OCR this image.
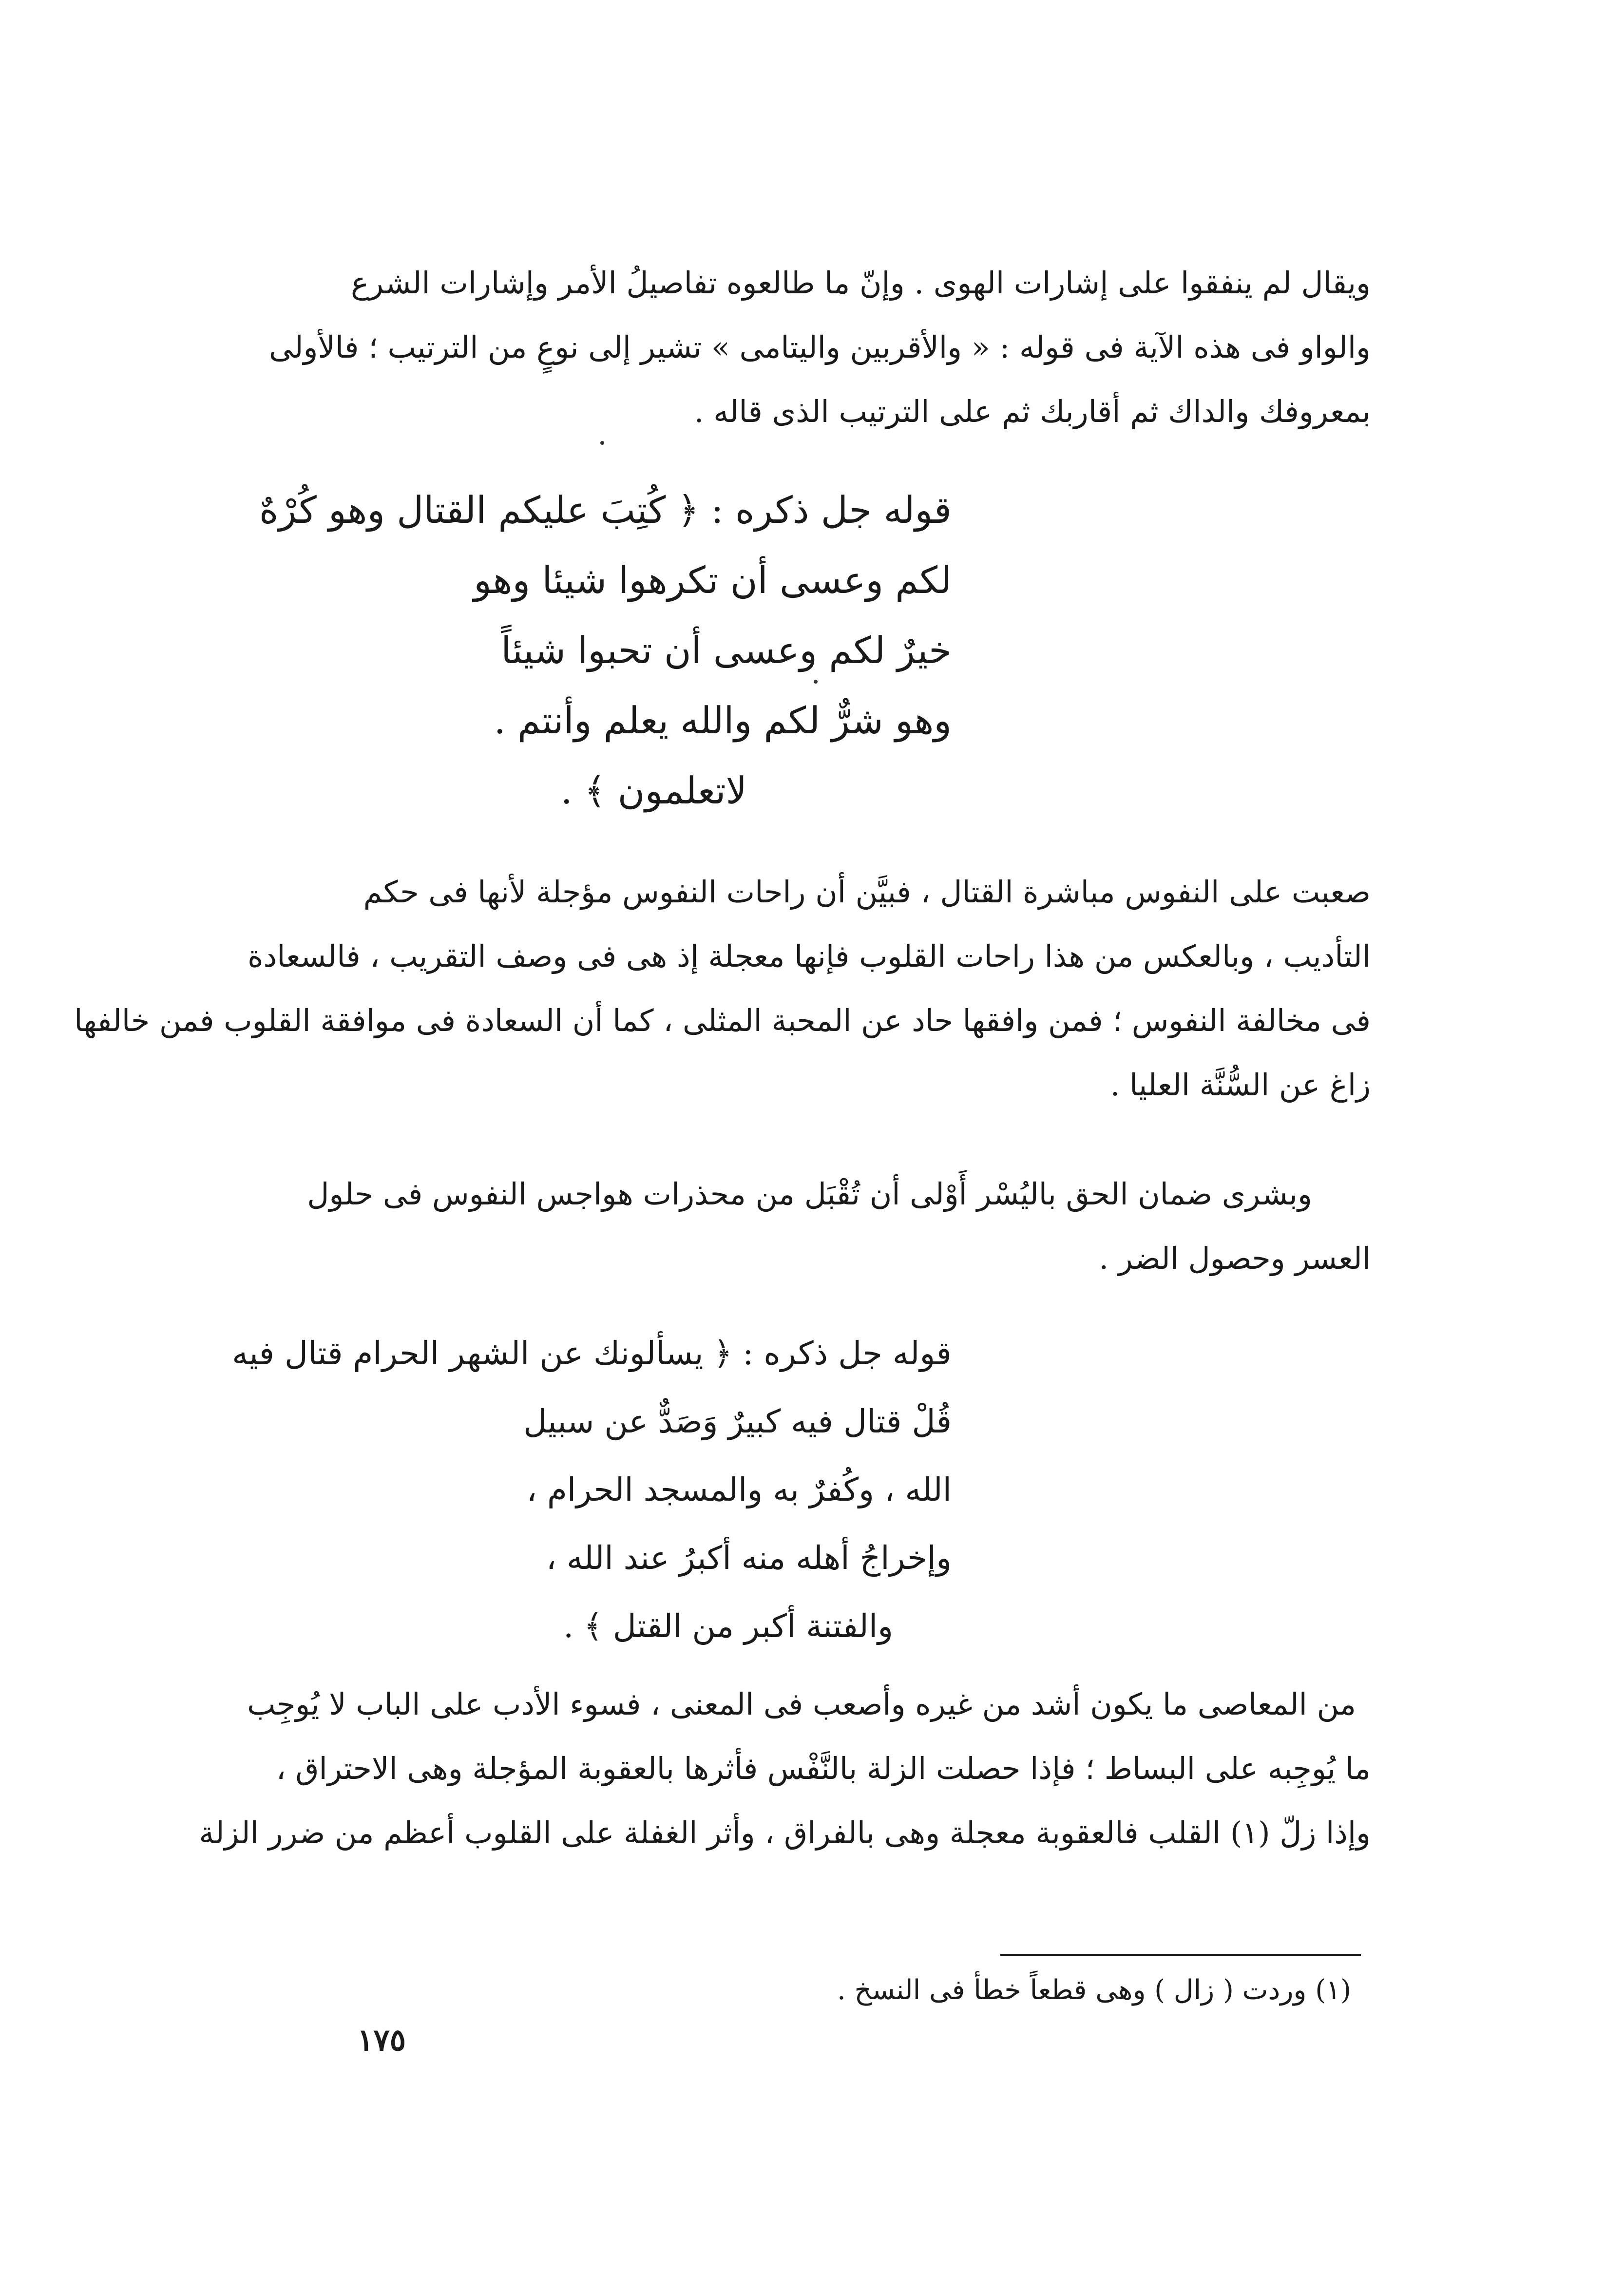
ويقال لم ينفقوا على إشارات الهوى . وإنّ ما طالعوه تفاصيلُ الأمر وإشارات الشرع
والواو فى هذه الآية فى قوله : « والأقربين واليتامى » تشير إلى نوعٍ من الترتيب ؛ فالأولى
بمعروفك والداك ثم أقاربك ثم على الترتيب الذى قاله .
قوله جل ذكره : ﴿ كُتِبَ عليكم القتال وهو كُرْهٌ
لكم وعسى أن تكرهوا شيئا وهو
خيرٌ لكم وعسى أن تحبوا شيئاً
وهو شرٌّ لكم والله يعلم وأنتم .
لاتعلمون ﴾ .
صعبت على النفوس مباشرة القتال ، فبيَّن أن راحات النفوس مؤجلة لأنها فى حكم
التأديب ، وبالعكس من هذا راحات القلوب فإنها معجلة إذ هى فى وصف التقريب ، فالسعادة
فى مخالفة النفوس ؛ فمن وافقها حاد عن المحبة المثلى ، كما أن السعادة فى موافقة القلوب فمن خالفها
زاغ عن السُّنَّة العليا .
وبشرى ضمان الحق باليُسْر أَوْلى أن تُقْبَل من محذرات هواجس النفوس فى حلول
العسر وحصول الضر .
قوله جل ذكره : ﴿ يسألونك عن الشهر الحرام قتال فيه
قُلْ قتال فيه كبيرٌ وَصَدٌّ عن سبيل
الله ، وكُفرٌ به والمسجد الحرام ،
وإخراجُ أهله منه أكبرُ عند الله ،
والفتنة أكبر من القتل ﴾ .
من المعاصى ما يكون أشد من غيره وأصعب فى المعنى ، فسوء الأدب على الباب لا يُوجِب
ما يُوجِبه على البساط ؛ فإذا حصلت الزلة بالنَّفْس فأثرها بالعقوبة المؤجلة وهى الاحتراق ،
وإذا زلّ (١) القلب فالعقوبة معجلة وهى بالفراق ، وأثر الغفلة على القلوب أعظم من ضرر الزلة
(١) وردت ( زال ) وهى قطعاً خطأ فى النسخ .
١٧٥
